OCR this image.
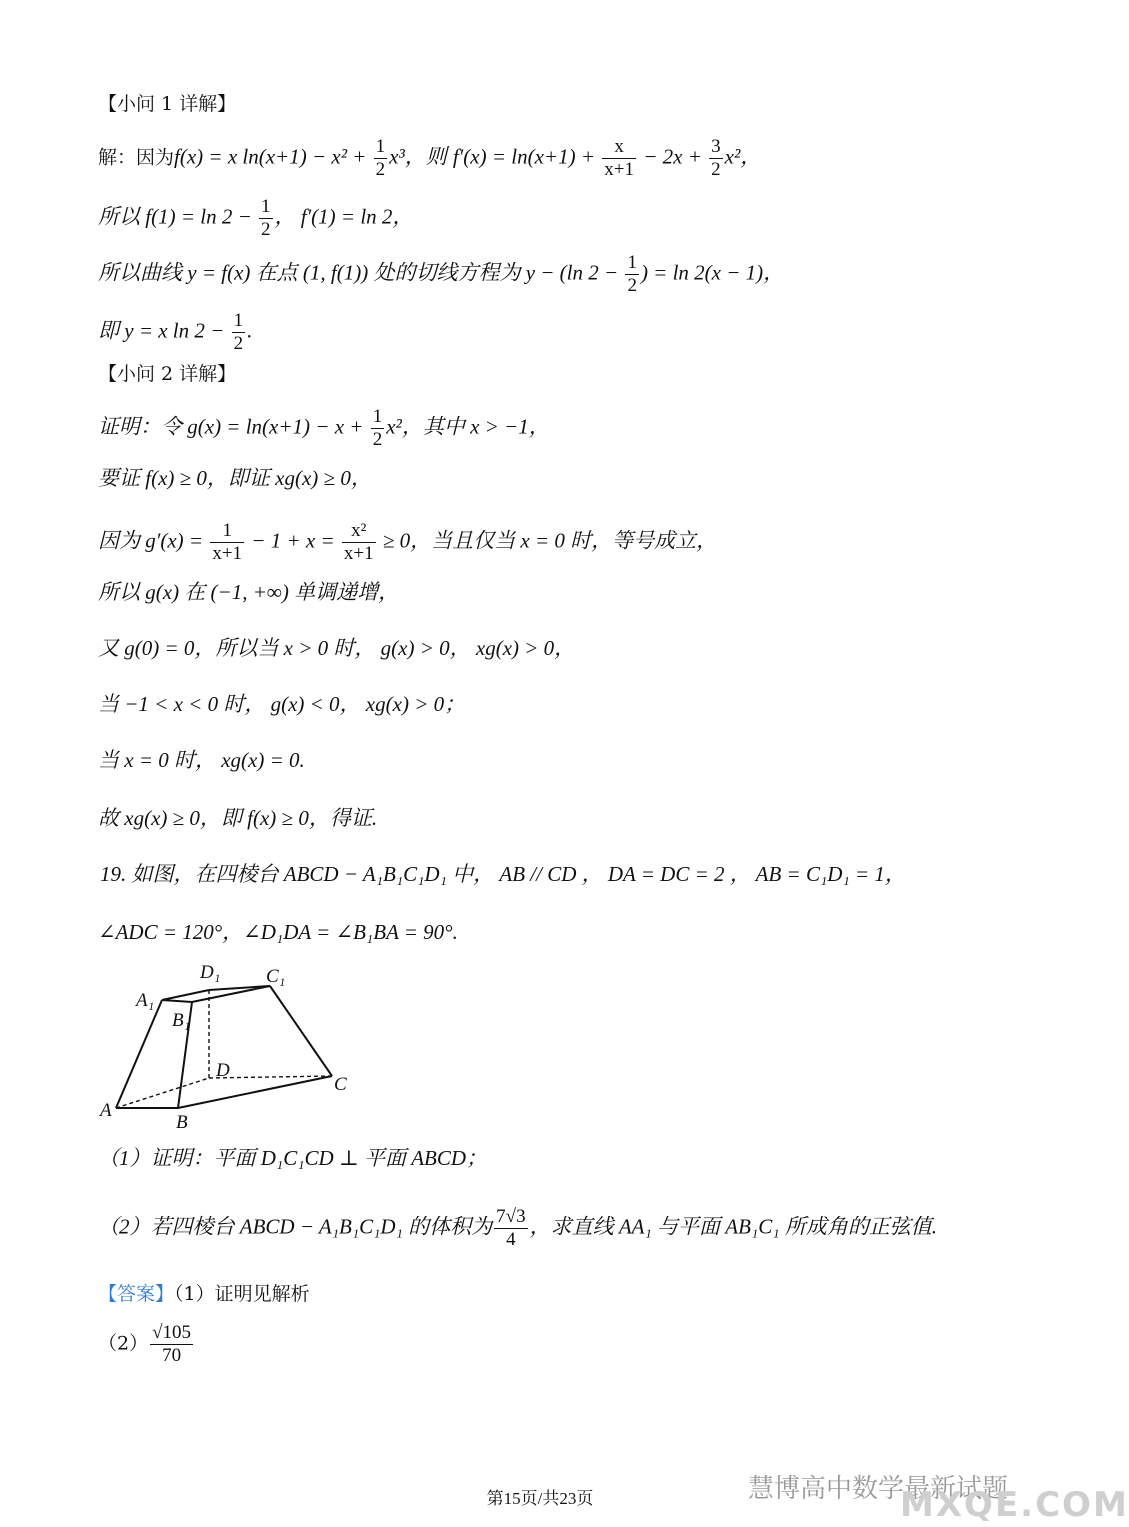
【小问 1 详解】
解：因为f(x) = x $\ln(x+1) - x^2 + \frac{1}{2} x^3$，则 $f'(x) = \ln(x+1) + \frac{x}{x+1} - 2x + \frac{3}{2} x^2$，
所以 $f(1) = \ln 2 - \frac{1}{2}$ ， f′(1) = ln 2，
所以曲线 y = f(x) 在点 (1, f(1)) 处的切线方程为 y − (ln $2 - \frac{1}{2}$ ) = ln 2(x − 1)，
即 y = x $\ln 2 - \frac{1}{2}$ .
【小问 2 详解】
证明：令 $g(x) = \ln(x+1) - x + \frac{1}{2} x^2$，其中 x > −1，
要证 f(x) ≥ 0，即证 xg(x) ≥ 0，
因为 $g'(x) = \frac{1}{x+1} - 1 + x = \frac{\text{x²}}{x+1} \ge 0$，当且仅当 x = 0 时，等号成立，
所以 g(x) 在 (−1, +∞) 单调递增，
又 g(0) = 0，所以当 x > 0 时， g(x) > 0， xg(x) > 0，
当 −1 < x < 0 时， g(x) < 0， xg(x) > 0；
当 x = 0 时， xg(x) = 0.
故 xg(x) ≥ 0，即 f(x) ≥ 0，得证.
19. 如图，在四棱台 ABCD − A₁B₁C₁D₁ 中， AB // CD ， DA = DC = 2 ， AB = C₁D₁ = 1，
∠ADC = 120°，∠D₁DA = ∠B₁BA = 90°.
A
B
C
D
A₁
B₁
C₁
D₁
（1）证明：平面 D₁C₁CD ⊥ 平面 ABCD；
（2）若四棱台 ABCD − A₁B₁C₁D₁ 的体积为 $\frac{7√3}{4}$ ，求直线 AA₁ 与平面 AB₁C₁ 所成角的正弦值.
【答案】（1）证明见解析
$(2) \frac{√105}{70}$
慧博高中数学最新试题
MXQE.COM
第15页/共23页
